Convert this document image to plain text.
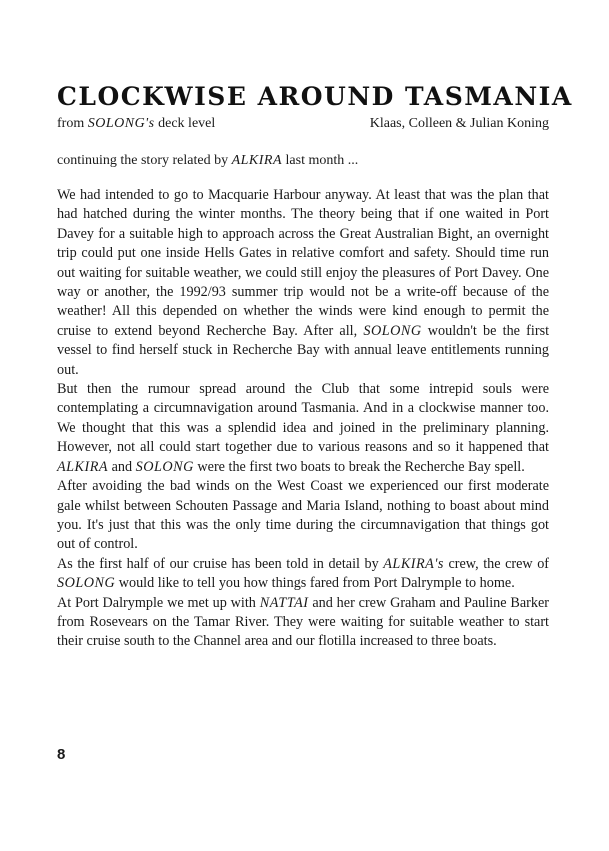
CLOCKWISE AROUND TASMANIA
from SOLONG's deck level	Klaas, Colleen & Julian Koning
continuing the story related by ALKIRA last month ...

We had intended to go to Macquarie Harbour anyway. At least that was the plan that had hatched during the winter months. The theory being that if one waited in Port Davey for a suitable high to approach across the Great Australian Bight, an overnight trip could put one inside Hells Gates in relative comfort and safety. Should time run out waiting for suitable weather, we could still enjoy the pleasures of Port Davey. One way or another, the 1992/93 summer trip would not be a write-off because of the weather! All this depended on whether the winds were kind enough to permit the cruise to extend beyond Recherche Bay. After all, SOLONG wouldn't be the first vessel to find herself stuck in Recherche Bay with annual leave entitlements running out.

But then the rumour spread around the Club that some intrepid souls were contemplating a circumnavigation around Tasmania. And in a clockwise manner too. We thought that this was a splendid idea and joined in the preliminary planning. However, not all could start together due to various reasons and so it happened that ALKIRA and SOLONG were the first two boats to break the Recherche Bay spell.

After avoiding the bad winds on the West Coast we experienced our first moderate gale whilst between Schouten Passage and Maria Island, nothing to boast about mind you. It's just that this was the only time during the circumnavigation that things got out of control.

As the first half of our cruise has been told in detail by ALKIRA's crew, the crew of SOLONG would like to tell you how things fared from Port Dalrymple to home.

At Port Dalrymple we met up with NATTAI and her crew Graham and Pauline Barker from Rosevears on the Tamar River. They were waiting for suitable weather to start their cruise south to the Channel area and our flotilla increased to three boats.

8
